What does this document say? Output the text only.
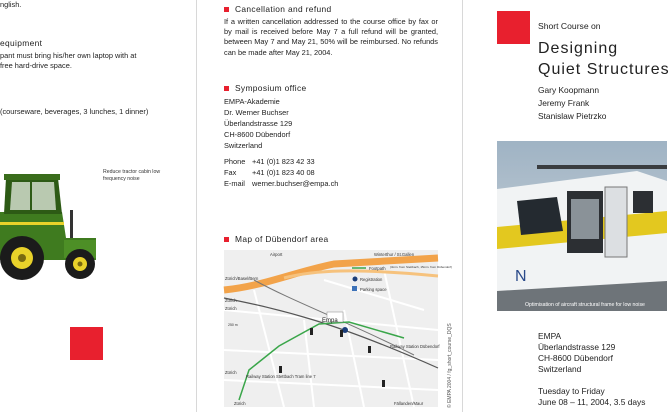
nglish.
equipment
pant must bring his/her own laptop with at
free hard-drive space.
(courseware, beverages, 3 lunches, 1 dinner)
Reduce tractor cabin low
frequency noise
Cancellation and refund
If a written cancellation addressed to the course office by fax or by mail is received before May 7 a full refund will be granted, between May 7 and May 21, 50% will be reimbursed. No refunds can be made after May 21, 2004.
Symposium office
EMPA-Akademie
Dr. Werner Buchser
Überlandstrasse 129
CH-8600 Dübendorf
Switzerland
Phone +41 (0)1 823 42 33
Fax +41 (0)1 823 40 08
E-mail werner.buchser@empa.ch
Map of Dübendorf area
Airport	Winterthur / St.Gallen
Zürich/Basel/Bern
Footpath (3min. from Stettbach, 15min. from Dübendorf)
Registration
Parking space
Zürich
Zürich
Empa
Railway Station Dübendorf
Railway Station Stettbach Tram line 7
Zürich
Zürich	Fällanden/Maur
250 m	© EMPA 2004 / fg_short_course_DQS
Short Course on
Designing
Quiet Structures
Gary Koopmann
Jeremy Frank
Stanislaw Pietrzko
N
Optimisation of aircraft structural frame for low noise
EMPA
Überlandstrasse 129
CH-8600 Dübendorf
Switzerland
Tuesday to Friday
June 08 – 11, 2004, 3.5 days
